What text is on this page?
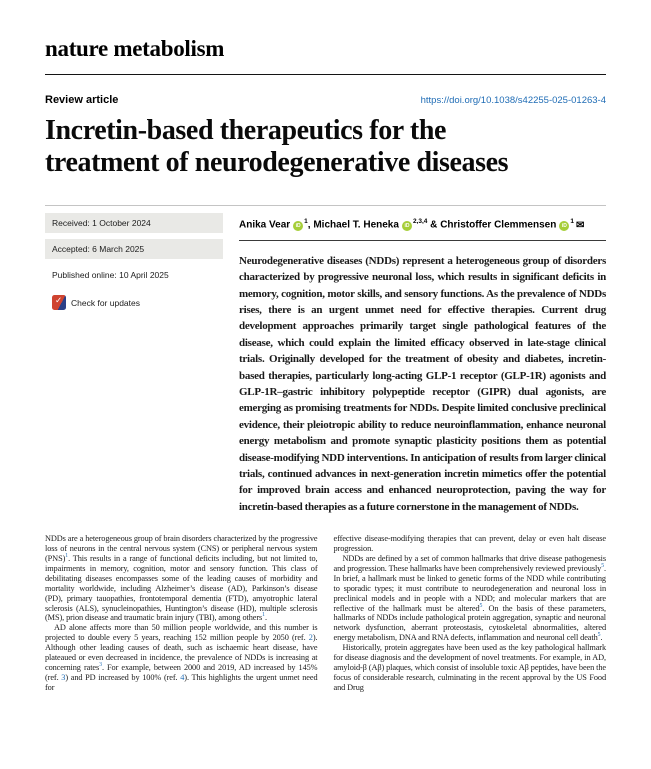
nature metabolism
Review article	https://doi.org/10.1038/s42255-025-01263-4
Incretin-based therapeutics for the
treatment of neurodegenerative diseases
Received: 1 October 2024
Accepted: 6 March 2025
Published online: 10 April 2025
✓
Check for updates
Anika Vear iD$^1$, Michael T. Heneka iD$^{2,3,4}$ & Christoffer Clemmensen iD$^1$ ✉

Neurodegenerative diseases (NDDs) represent a heterogeneous group of disorders characterized by progressive neuronal loss, which results in significant deficits in memory, cognition, motor skills, and sensory functions. As the prevalence of NDDs rises, there is an urgent unmet need for effective therapies. Current drug development approaches primarily target single pathological features of the disease, which could explain the limited efficacy observed in late-stage clinical trials. Originally developed for the treatment of obesity and diabetes, incretin-based therapies, particularly long-acting GLP-1 receptor (GLP-1R) agonists and GLP-1R–gastric inhibitory polypeptide receptor (GIPR) dual agonists, are emerging as promising treatments for NDDs. Despite limited conclusive preclinical evidence, their pleiotropic ability to reduce neuroinflammation, enhance neuronal energy metabolism and promote synaptic plasticity positions them as potential disease-modifying NDD interventions. In anticipation of results from larger clinical trials, continued advances in next-generation incretin mimetics offer the potential for improved brain access and enhanced neuroprotection, paving the way for incretin-based therapies as a future cornerstone in the management of NDDs.

NDDs are a heterogeneous group of brain disorders characterized by the progressive loss of neurons in the central nervous system (CNS) or peripheral nervous system (PNS)$^1$. This results in a range of functional deficits including, but not limited to, impairments in memory, cognition, motor and sensory function. This class of debilitating diseases encompasses some of the leading causes of morbidity and mortality worldwide, including Alzheimer’s disease (AD), Parkinson’s disease (PD), primary tauopathies, frontotemporal dementia (FTD), amyotrophic lateral sclerosis (ALS), synucleinopathies, Huntington’s disease (HD), multiple sclerosis (MS), prion disease and traumatic brain injury (TBI), among others$^1$.

AD alone affects more than 50 million people worldwide, and this number is projected to double every 5 years, reaching 152 million people by 2050 (ref. 2). Although other leading causes of death, such as ischaemic heart disease, have plateaued or even decreased in incidence, the prevalence of NDDs is increasing at concerning rates$^3$. For example, between 2000 and 2019, AD increased by 145% (ref. 3) and PD increased by 100% (ref. 4). This highlights the urgent unmet need for

effective disease-modifying therapies that can prevent, delay or even halt disease progression.

NDDs are defined by a set of common hallmarks that drive disease pathogenesis and progression. These hallmarks have been comprehensively reviewed previously$^5$. In brief, a hallmark must be linked to genetic forms of the NDD while contributing to sporadic types; it must contribute to neurodegeneration and neuronal loss in preclinical models and in people with a NDD; and molecular markers that are reflective of the hallmark must be altered$^5$. On the basis of these parameters, hallmarks of NDDs include pathological protein aggregation, synaptic and neuronal network dysfunction, aberrant proteostasis, cytoskeletal abnormalities, altered energy metabolism, DNA and RNA defects, inflammation and neuronal cell death$^5$.

Historically, protein aggregates have been used as the key pathological hallmark for disease diagnosis and the development of novel treatments. For example, in AD, amyloid-β (Aβ) plaques, which consist of insoluble toxic Aβ peptides, have been the focus of considerable research, culminating in the recent approval by the US Food and Drug
